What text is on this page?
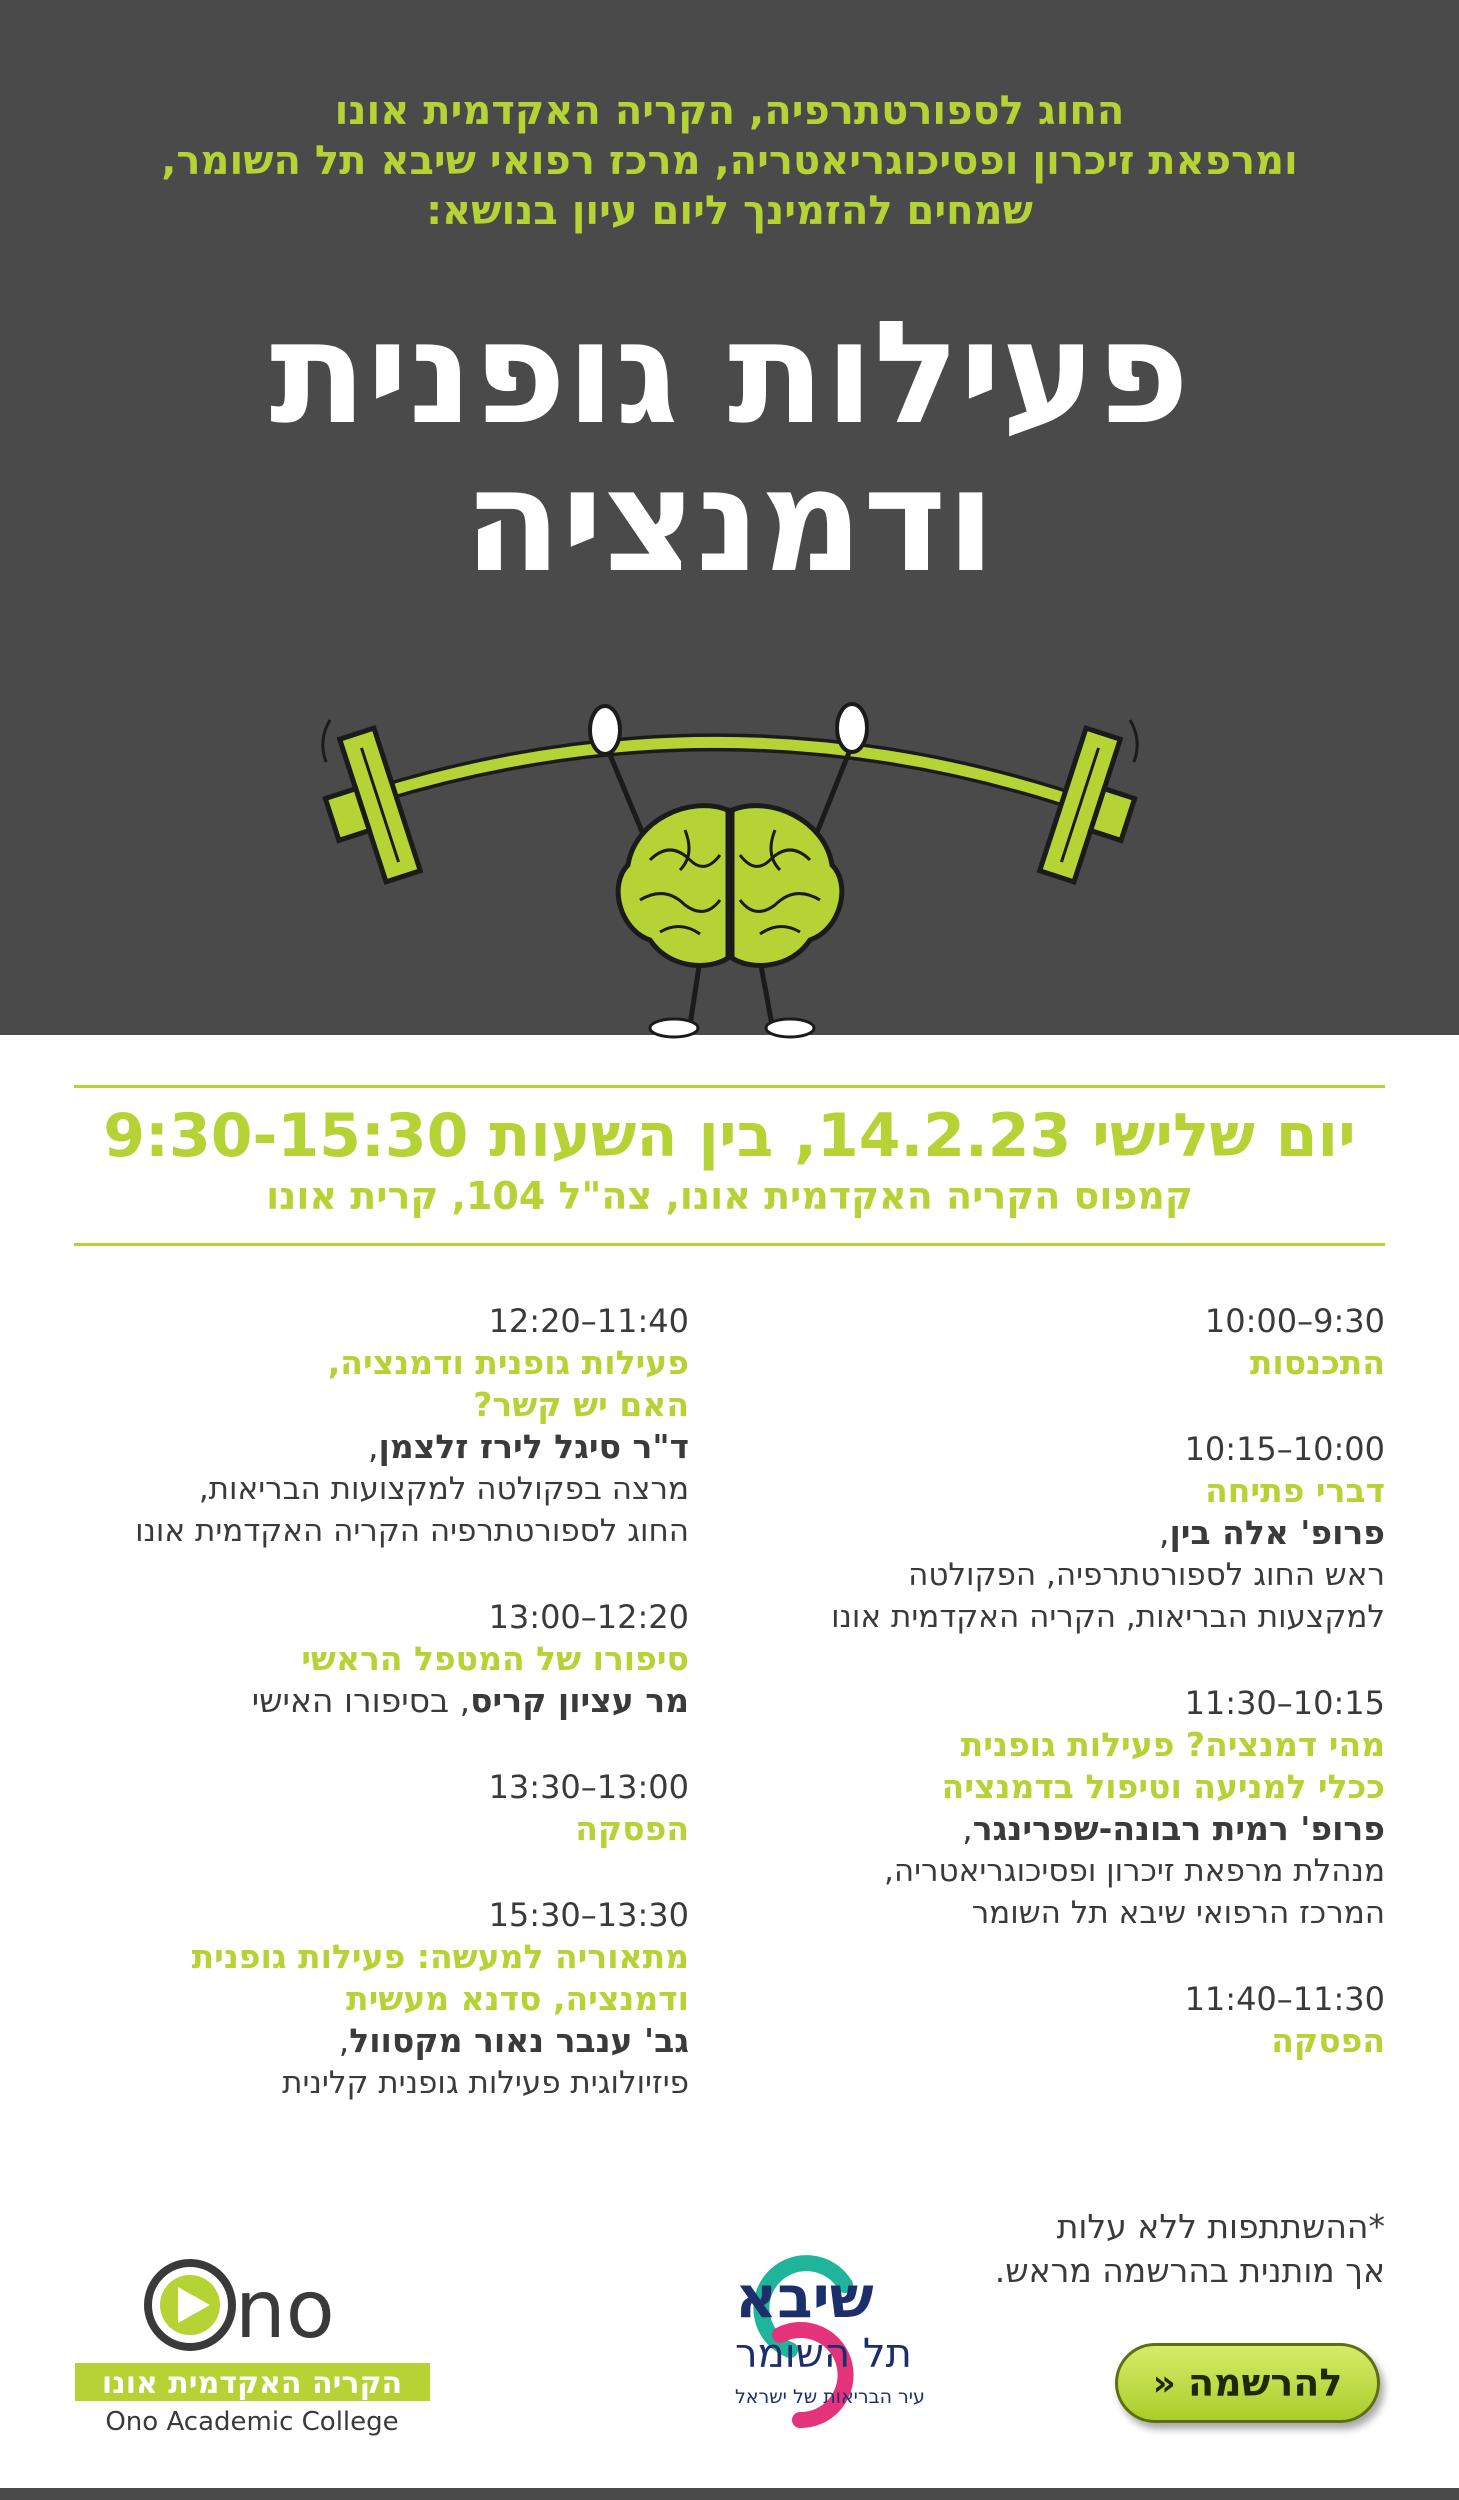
החוג לספורטתרפיה, הקריה האקדמית אונו
ומרפאת זיכרון ופסיכוגריאטריה, מרכז רפואי שיבא תל השומר,
שמחים להזמינך ליום עיון בנושא:
פעילות גופנית
ודמנציה
יום שלישי 14.2.23, בין השעות 9:30-15:30
קמפוס הקריה האקדמית אונו, צה"ל 104, קרית אונו
9:30–10:00
התכנסות
10:00–10:15
דברי פתיחה
פרופ' אלה בין,
ראש החוג לספורטתרפיה, הפקולטה
למקצעות הבריאות, הקריה האקדמית אונו
10:15–11:30
מהי דמנציה? פעילות גופנית
ככלי למניעה וטיפול בדמנציה
פרופ' רמית רבונה-שפרינגר,
מנהלת מרפאת זיכרון ופסיכוגריאטריה,
המרכז הרפואי שיבא תל השומר
11:30–11:40
הפסקה
11:40–12:20
פעילות גופנית ודמנציה,
האם יש קשר?
ד"ר סיגל לירז זלצמן,
מרצה בפקולטה למקצועות הבריאות,
החוג לספורטתרפיה הקריה האקדמית אונו
12:20–13:00
סיפורו של המטפל הראשי
מר עציון קריס, בסיפורו האישי
13:00–13:30
הפסקה
13:30–15:30
מתאוריה למעשה: פעילות גופנית
ודמנציה, סדנא מעשית
גב' ענבר נאור מקסוול,
פיזיולוגית פעילות גופנית קלינית
*ההשתתפות ללא עלות
אך מותנית בהרשמה מראש.
להרשמה
«
שיבא
תל השומר
עיר הבריאות של ישראל
no
הקריה האקדמית אונו
Ono Academic College
